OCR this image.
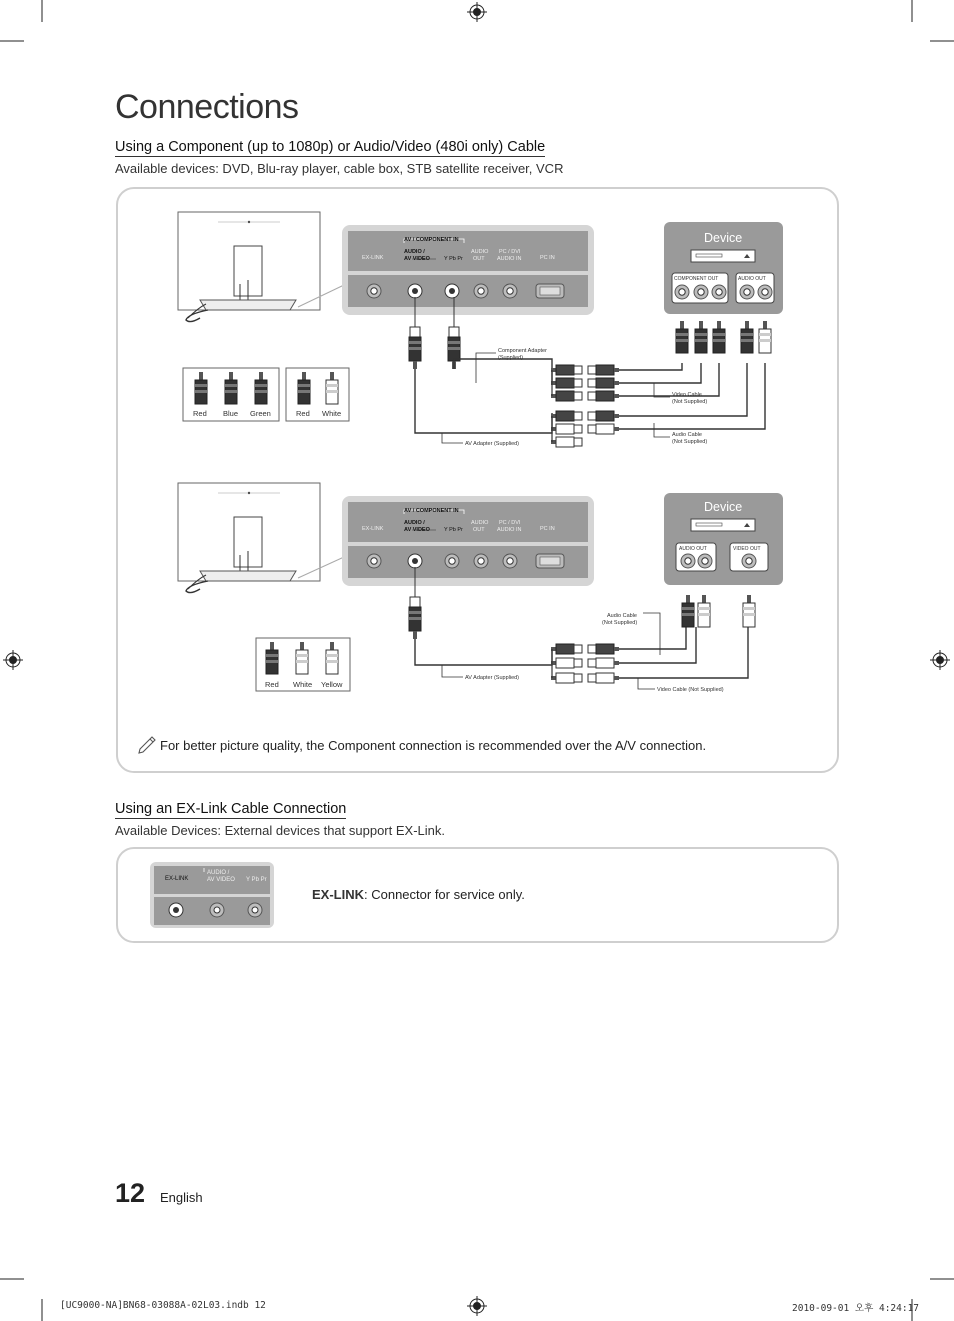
Connections
Using a Component (up to 1080p) or Audio/Video (480i only) Cable
Available devices: DVD, Blu-ray player, cable box, STB satellite receiver, VCR
AV / COMPONENT IN
EX-LINK
AUDIO /
AV VIDEO	Y Pb Pr
AUDIO
OUT
PC / DVI
AUDIO IN	PC IN
Component Adapter
(Supplied)
AV Adapter (Supplied)
Video Cable
(Not Supplied)
Audio Cable
(Not Supplied)
Device
COMPONENT OUT	AUDIO OUT
Red Blue Green	Red White
AV / COMPONENT IN
EX-LINK
AUDIO /
AV VIDEO	Y Pb Pr
AUDIO
OUT
PC / DVI
AUDIO IN	PC IN
AV Adapter (Supplied)
Audio Cable
(Not Supplied)
Video Cable (Not Supplied)
Device
AUDIO OUT	VIDEO OUT
Red White Yellow
For better picture quality, the Component connection is recommended over the A/V connection.
Using an EX-Link Cable Connection
Available Devices: External devices that support EX-Link.
EX-LINK
AUDIO /
AV VIDEO Y Pb Pr
EX-LINK: Connector for service only.
12 English
[UC9000-NA]BN68-03088A-02L03.indb 12	2010-09-01 오후 4:24:17
